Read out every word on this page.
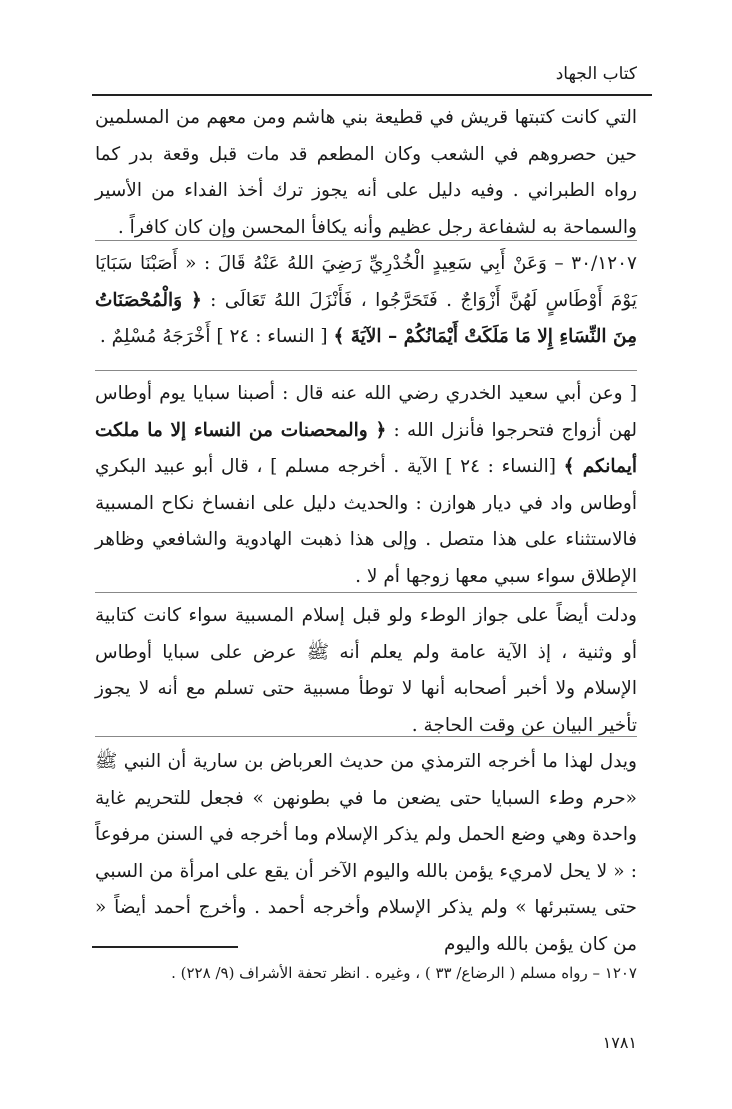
كتاب الجهاد

التي كانت كتبتها قريش في قطيعة بني هاشم ومن معهم من المسلمين حين حصروهم في الشعب وكان المطعم قد مات قبل وقعة بدر كما رواه الطبراني . وفيه دليل على أنه يجوز ترك أخذ الفداء من الأسير والسماحة به لشفاعة رجل عظيم وأنه يكافأ المحسن وإن كان كافراً .

٣٠/١٢٠٧ – وَعَنْ أَبِي سَعِيدٍ الْخُدْرِيِّ رَضِيَ اللهُ عَنْهُ قَالَ : « أَصَبْنَا سَبَايَا يَوْمَ أَوْطَاسٍ لَهُنَّ أَزْوَاجٌ . فَتَحَرَّجُوا ، فَأَنْزَلَ اللهُ تَعَالَى : ﴿ وَالْمُحْصَنَاتُ مِنَ النِّسَاءِ إِلا مَا مَلَكَتْ أَيْمَانُكُمْ – الآيَةَ ﴾ [ النساء : ٢٤ ] أَخْرَجَهُ مُسْلِمٌ .

[ وعن أبي سعيد الخدري رضي الله عنه قال : أصبنا سبايا يوم أوطاس لهن أزواج فتحرجوا فأنزل الله : ﴿ والمحصنات من النساء إلا ما ملكت أيمانكم ﴾ [النساء : ٢٤ ] الآية . أخرجه مسلم ] ، قال أبو عبيد البكري أوطاس واد في ديار هوازن : والحديث دليل على انفساخ نكاح المسبية فالاستثناء على هذا متصل . وإلى هذا ذهبت الهادوية والشافعي وظاهر الإطلاق سواء سبي معها زوجها أم لا .

ودلت أيضاً على جواز الوطء ولو قبل إسلام المسبية سواء كانت كتابية أو وثنية ، إذ الآية عامة ولم يعلم أنه ﷺ عرض على سبايا أوطاس الإسلام ولا أخبر أصحابه أنها لا توطأ مسبية حتى تسلم مع أنه لا يجوز تأخير البيان عن وقت الحاجة .

ويدل لهذا ما أخرجه الترمذي من حديث العرباض بن سارية أن النبي ﷺ «حرم وطء السبايا حتى يضعن ما في بطونهن » فجعل للتحريم غاية واحدة وهي وضع الحمل ولم يذكر الإسلام وما أخرجه في السنن مرفوعاً : « لا يحل لامريء يؤمن بالله واليوم الآخر أن يقع على امرأة من السبي حتى يستبرئها » ولم يذكر الإسلام وأخرجه أحمد . وأخرج أحمد أيضاً « من كان يؤمن بالله واليوم

١٢٠٧ – رواه مسلم ( الرضاع/ ٣٣ ) ، وغيره . انظر تحفة الأشراف (٩/ ٢٢٨) .

١٧٨١
